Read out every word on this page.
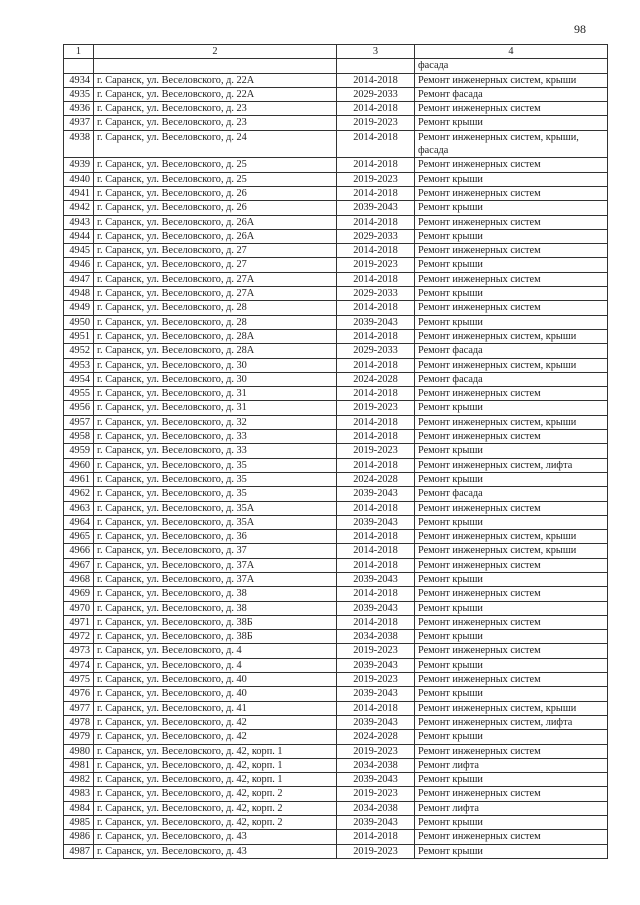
98
1	2	3	4
			фасада
4934	г. Саранск, ул. Веселовского, д. 22А	2014-2018	Ремонт инженерных систем, крыши
4935	г. Саранск, ул. Веселовского, д. 22А	2029-2033	Ремонт фасада
4936	г. Саранск, ул. Веселовского, д. 23	2014-2018	Ремонт инженерных систем
4937	г. Саранск, ул. Веселовского, д. 23	2019-2023	Ремонт крыши
4938	г. Саранск, ул. Веселовского, д. 24	2014-2018	Ремонт инженерных систем, крыши, фасада
4939	г. Саранск, ул. Веселовского, д. 25	2014-2018	Ремонт инженерных систем
4940	г. Саранск, ул. Веселовского, д. 25	2019-2023	Ремонт крыши
4941	г. Саранск, ул. Веселовского, д. 26	2014-2018	Ремонт инженерных систем
4942	г. Саранск, ул. Веселовского, д. 26	2039-2043	Ремонт крыши
4943	г. Саранск, ул. Веселовского, д. 26А	2014-2018	Ремонт инженерных систем
4944	г. Саранск, ул. Веселовского, д. 26А	2029-2033	Ремонт крыши
4945	г. Саранск, ул. Веселовского, д. 27	2014-2018	Ремонт инженерных систем
4946	г. Саранск, ул. Веселовского, д. 27	2019-2023	Ремонт крыши
4947	г. Саранск, ул. Веселовского, д. 27А	2014-2018	Ремонт инженерных систем
4948	г. Саранск, ул. Веселовского, д. 27А	2029-2033	Ремонт крыши
4949	г. Саранск, ул. Веселовского, д. 28	2014-2018	Ремонт инженерных систем
4950	г. Саранск, ул. Веселовского, д. 28	2039-2043	Ремонт крыши
4951	г. Саранск, ул. Веселовского, д. 28А	2014-2018	Ремонт инженерных систем, крыши
4952	г. Саранск, ул. Веселовского, д. 28А	2029-2033	Ремонт фасада
4953	г. Саранск, ул. Веселовского, д. 30	2014-2018	Ремонт инженерных систем, крыши
4954	г. Саранск, ул. Веселовского, д. 30	2024-2028	Ремонт фасада
4955	г. Саранск, ул. Веселовского, д. 31	2014-2018	Ремонт инженерных систем
4956	г. Саранск, ул. Веселовского, д. 31	2019-2023	Ремонт крыши
4957	г. Саранск, ул. Веселовского, д. 32	2014-2018	Ремонт инженерных систем, крыши
4958	г. Саранск, ул. Веселовского, д. 33	2014-2018	Ремонт инженерных систем
4959	г. Саранск, ул. Веселовского, д. 33	2019-2023	Ремонт крыши
4960	г. Саранск, ул. Веселовского, д. 35	2014-2018	Ремонт инженерных систем, лифта
4961	г. Саранск, ул. Веселовского, д. 35	2024-2028	Ремонт крыши
4962	г. Саранск, ул. Веселовского, д. 35	2039-2043	Ремонт фасада
4963	г. Саранск, ул. Веселовского, д. 35А	2014-2018	Ремонт инженерных систем
4964	г. Саранск, ул. Веселовского, д. 35А	2039-2043	Ремонт крыши
4965	г. Саранск, ул. Веселовского, д. 36	2014-2018	Ремонт инженерных систем, крыши
4966	г. Саранск, ул. Веселовского, д. 37	2014-2018	Ремонт инженерных систем, крыши
4967	г. Саранск, ул. Веселовского, д. 37А	2014-2018	Ремонт инженерных систем
4968	г. Саранск, ул. Веселовского, д. 37А	2039-2043	Ремонт крыши
4969	г. Саранск, ул. Веселовского, д. 38	2014-2018	Ремонт инженерных систем
4970	г. Саранск, ул. Веселовского, д. 38	2039-2043	Ремонт крыши
4971	г. Саранск, ул. Веселовского, д. 38Б	2014-2018	Ремонт инженерных систем
4972	г. Саранск, ул. Веселовского, д. 38Б	2034-2038	Ремонт крыши
4973	г. Саранск, ул. Веселовского, д. 4	2019-2023	Ремонт инженерных систем
4974	г. Саранск, ул. Веселовского, д. 4	2039-2043	Ремонт крыши
4975	г. Саранск, ул. Веселовского, д. 40	2019-2023	Ремонт инженерных систем
4976	г. Саранск, ул. Веселовского, д. 40	2039-2043	Ремонт крыши
4977	г. Саранск, ул. Веселовского, д. 41	2014-2018	Ремонт инженерных систем, крыши
4978	г. Саранск, ул. Веселовского, д. 42	2039-2043	Ремонт инженерных систем, лифта
4979	г. Саранск, ул. Веселовского, д. 42	2024-2028	Ремонт крыши
4980	г. Саранск, ул. Веселовского, д. 42, корп. 1	2019-2023	Ремонт инженерных систем
4981	г. Саранск, ул. Веселовского, д. 42, корп. 1	2034-2038	Ремонт лифта
4982	г. Саранск, ул. Веселовского, д. 42, корп. 1	2039-2043	Ремонт крыши
4983	г. Саранск, ул. Веселовского, д. 42, корп. 2	2019-2023	Ремонт инженерных систем
4984	г. Саранск, ул. Веселовского, д. 42, корп. 2	2034-2038	Ремонт лифта
4985	г. Саранск, ул. Веселовского, д. 42, корп. 2	2039-2043	Ремонт крыши
4986	г. Саранск, ул. Веселовского, д. 43	2014-2018	Ремонт инженерных систем
4987	г. Саранск, ул. Веселовского, д. 43	2019-2023	Ремонт крыши
